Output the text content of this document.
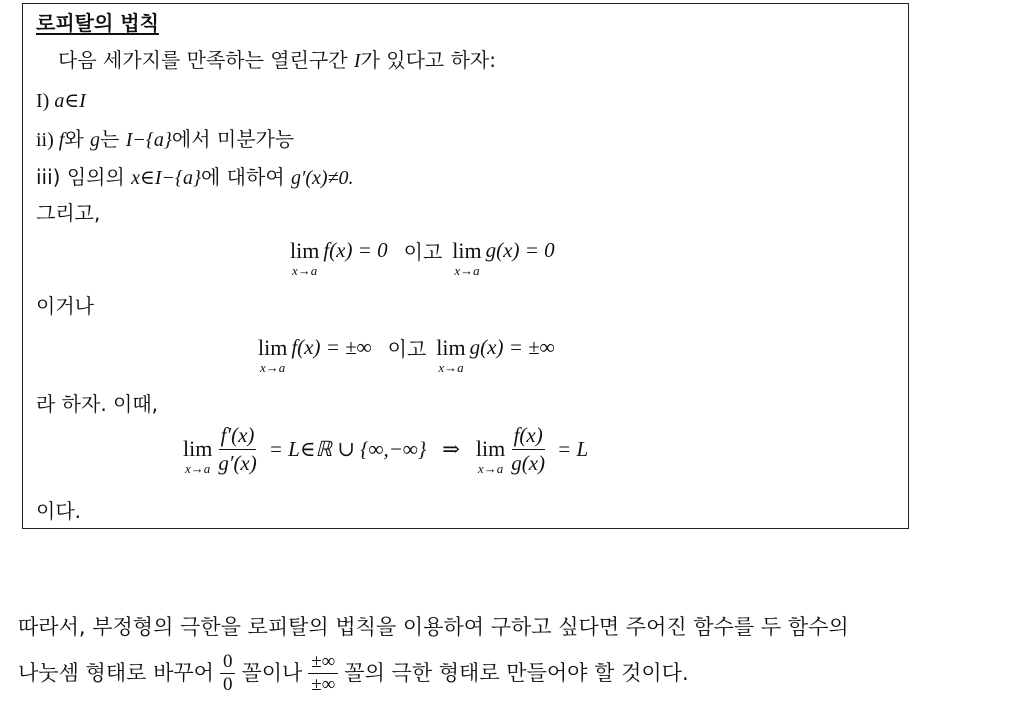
로피탈의 법칙
다음 세가지를 만족하는 열린구간 I가 있다고 하자:
I) a∈I
ii) f와 g는 I−{a}에서 미분가능
iii) 임의의 x∈I−{a}에 대하여 g′(x)≠0.
그리고,
lim
x→a
f(x) = 0 이고 lim
x→a
g(x) = 0
이거나
lim
x→a
f(x) = ±∞ 이고 lim
x→a
g(x) = ±∞
라 하자. 이때,
lim
$x\to a \frac{f'(x)}{g'(x)}$ = L∈ℝ ∪ {∞,−∞} ⇒ lim
$x\to a \frac{f(x)}{g(x)} = L$
이다.
따라서, 부정형의 극한을 로피탈의 법칙을 이용하여 구하고 싶다면 주어진 함수를 두 함수의
나눗셈 형태로 바꾸어 $\frac{0}{0}$ 꼴이나 $\frac{\pm\infty}{\pm\infty}$ 꼴의 극한 형태로 만들어야 할 것이다.
